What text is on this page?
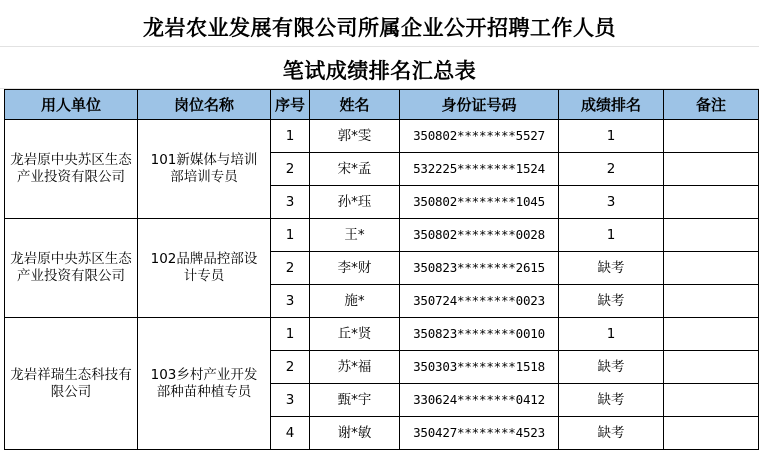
龙岩农业发展有限公司所属企业公开招聘工作人员
笔试成绩排名汇总表
用人单位	岗位名称	序号	姓名	身份证号码	成绩排名	备注
龙岩原中央苏区生态产业投资有限公司	101新媒体与培训部培训专员	1	郭*雯	350802********5527	1	
		2	宋*孟	532225********1524	2	
		3	孙*珏	350802********1045	3	
龙岩原中央苏区生态产业投资有限公司	102品牌品控部设计专员	1	王*	350802********0028	1	
		2	李*财	350823********2615	缺考	
		3	施*	350724********0023	缺考	
龙岩祥瑞生态科技有限公司	103乡村产业开发部种苗种植专员	1	丘*贤	350823********0010	1	
		2	苏*福	350303********1518	缺考	
		3	甄*宇	330624********0412	缺考	
		4	谢*敏	350427********4523	缺考	
